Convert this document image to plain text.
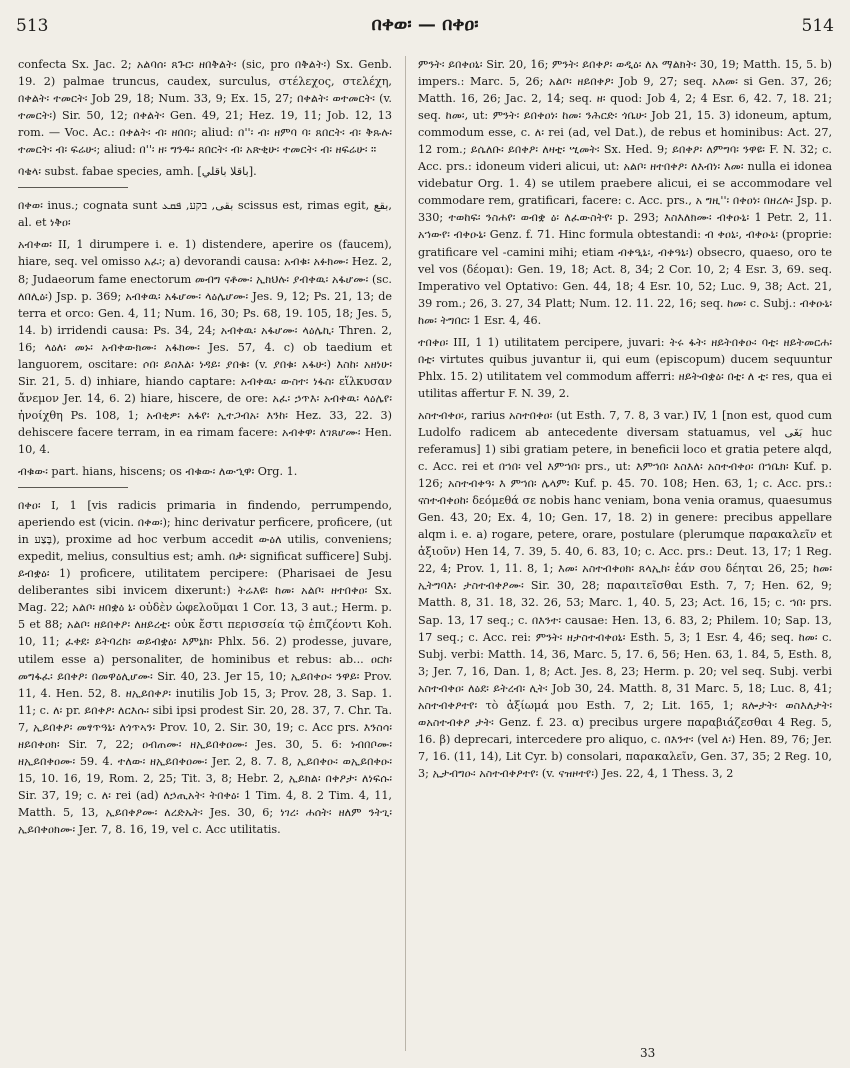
513	በቀወ፡ — በቀዐ፡	514

confecta Sx. Jac. 2; አልባሰ፡ ጸጉር፡ ዘበቅልት፡ (sic, pro በቅልት፡) Sx. Genb. 19. 2) palmae truncus, caudex, surculus, στέλεχος, στελέχη, በቀልት፡ ተመርት፡ Job 29, 18; Num. 33, 9; Ex. 15, 27; በቀልት፡ ወተመርት፡ (v. ተመርት፡) Sir. 50, 12; በቀልት፡ Gen. 49, 21; Hez. 19, 11; Job. 12, 13 rom. — Voc. Ac.: በቀልት፡ ብ፡ ዘበበ፡; aliud: በ''፡ ብ፡ ዘምባ ባ፡ ጸበርት፡ ብ፡ ቅጹሉ፡ ተመርት፡ ብ፡ ፍሬሁ፡; aliud: በ''፡ ዘ፡ ግንዱ፡ ጸበርት፡ ብ፡ አጽቂሁ፡ ተመርት፡ ብ፡ ዘፍሬሁ፡ ።

ባቄላ፡ subst. fabae species, amh. [باقلا باقلي].

በቀወ፡ inus.; cognata sunt بقى, בקע, ܦܩܥ scissus est, rimas egit, بقع, al. et ነቅዐ፡

አብቀወ፡ II, 1 dirumpere i. e. 1) distendere, aperire os (faucem), hiare, seq. vel omisso አፈ፡; a) devorandi causa: አብቁ፡ አፉክሙ፡ Hez. 2, 8; Judaeorum fame enectorum መብግ ናቶሙ፡ ኢክህሉ፡ ያብቀዉ፡ አፋሆሙ፡ (sc. ለበሊዕ፡) Jsp. p. 369; አብቀዉ፡ አፋሆሙ፡ ላዕሌሆሙ፡ Jes. 9, 12; Ps. 21, 13; de terra et orco: Gen. 4, 11; Num. 16, 30; Ps. 68, 19. 105, 18; Jes. 5, 14. b) irridendi causa: Ps. 34, 24; አብቀዉ፡ አፋሆሙ፡ ላዕሌኪ፡ Thren. 2, 16; ላዕለ፡ መኑ፡ አብቀውክሙ፡ አፋክሙ፡ Jes. 57, 4. c) ob taedium et languorem, oscitare: ሶበ፡ ይስእል፡ ነዳይ፡ ያበቁ፡ (v. ያበቁ፡ አፋሁ፡) እስከ፡ አዘነሁ፡ Sir. 21, 5. d) inhiare, hiando captare: አብቀዉ፡ ውስተ፡ ነፋስ፡ εἵλκυσαν ἄνεμον Jer. 14, 6. 2) hiare, hiscere, de ore: አፈ፡ ኃጥእ፡ አብቀዉ፡ ላዕሌየ፡ ἠνοίχθη Ps. 108, 1; አብቂዎ፡ አፋየ፡ ኢተጋብአ፡ እንከ፡ Hez. 33, 22. 3) dehiscere facere terram, in ea rimam facere: አብቀዋ፡ ለገጸሆሙ፡ Hen. 10, 4.

ብቁው፡ part. hians, hiscens; os ብቁው፡ ለውኂዋ፡ Org. 1.

በቀዐ፡ I, 1 [vis radicis primaria in findendo, perrumpendo, aperiendo est (vicin. በቀወ፡); hinc derivatur perficere, proficere, (ut in בָּצַע), proxime ad hoc verbum accedit ውዕለ utilis, conveniens; expedit, melius, consultius est; amh. በቃ፡ significat sufficere] Subj. ይብቋዕ፡ 1) proficere, utilitatem percipere: (Pharisaei de Jesu deliberantes sibi invicem dixerunt:) ትሬእዩ፡ ከመ፡ አልቦ፡ ዘተበቀዐ፡ Sx. Mag. 22; አልቦ፡ ዘበቋዕ ኒ፡ οὐδὲν ὠφελοῦμαι 1 Cor. 13, 3 aut.; Herm. p. 5 et 88; አልቦ፡ ዘይበቀዖ፡ ለዘይረቲ፡ οὐκ ἔστι περισσεία τῷ ἐπιζέοντι Koh. 10, 11; ፈቀደ፡ ይትባረከ፡ ወይብቋዕ፡ እምኔክ፡ Phlx. 56. 2) prodesse, juvare, utilem esse a) personaliter, de hominibus et rebus: ab... ዐርከ፡ መግፋፈ፡ ይበቀዖ፡ በመዋዕሊሆሙ፡ Sir. 40, 23. Jer 15, 10; ኢይበቀዑ፡ ንዋይ፡ Prov. 11, 4. Hen. 52, 8. ዘኢይበቀዖ፡ inutilis Job 15, 3; Prov. 28, 3. Sap. 1. 11; c. ለ፡ pr. ይበቀዖ፡ ለርእሱ፡ sibi ipsi prodest Sir. 20, 28. 37, 7. Chr. Ta. 7, ኢይበቀዖ፡ መፃጥዓኒ፡ ለጎጥኣን፡ Prov. 10, 2. Sir. 30, 19; c. Acc prs. እንስሳ፡ ዘይበቀዐክ፡ Sir. 7, 22; ዐብጠሙ፡ ዘኢይበቀዐሙ፡ Jes. 30, 5. 6: ነብበቦሙ፡ ዘኢይበቀዐሙ፡ 59. 4. ተለው፡ ዘኢይበቀዐሙ፡ Jer. 2, 8. 7. 8, ኢይበቀዑ፡ ወኢይበቀዑ፡ 15, 10. 16, 19, Rom. 2, 25; Tit. 3, 8; Hebr. 2, ኢይክል፡ በቀዖታ፡ ለነፍሱ፡ Sir. 37, 19; c. ለ፡ rei (ad) ለኃጢአት፡ ትበቀዕ፡ 1 Tim. 4, 8. 2 Tim. 4, 11, Matth. 5, 13, ኢይበቀዖሙ፡ ለረድኤት፡ Jes. 30, 6; ነገረ፡ ሐሰት፡ ዘለም ንትጊ፡ ኢይበቀዐክሙ፡ Jer. 7, 8. 16, 19, vel c. Acc utilitatis.

ምንት፡ ይበቀዐኒ፡ Sir. 20, 16; ምንት፡ ይበቀዖ፡ ወዲዕ፡ ለአ ማልክት፡ 30, 19; Matth. 15, 5. b) impers.: Marc. 5, 26; አልቦ፡ ዘይበቀዖ፡ Job 9, 27; seq. አእመ፡ si Gen. 37, 26; Matth. 16, 26; Jac. 2, 14; seq. ዘ፡ quod: Job 4, 2; 4 Esr. 6, 42. 7, 18. 21; seq. ከመ፡, ut: ምንት፡ ይበቀዐነ፡ ከመ፡ ንሕርድ፡ ጎቤሁ፡ Job 21, 15. 3) idoneum, aptum, commodum esse, c. ለ፡ rei (ad, vel Dat.), de rebus et hominibus: Act. 27, 12 rom.; ይሴለቡ፡ ይበቀዖ፡ ለዛቲ፡ ሢመት፡ Sx. Hed. 9; ይበቀዖ፡ ለምግባ፡ ንዋዩ፡ F. N. 32; c. Acc. prs.: idoneum videri alicui, ut: አልቦ፡ ዘተበቀዖ፡ ለእብነ፡ እመ፡ nulla ei idonea videbatur Org. 1. 4) se utilem praebere alicui, ei se accommodare vel commodare rem, gratificari, facere: c. Acc. prs., አ ግዚ''፡ በቀዐነ፡ በዘረሉ፡ Jsp. p. 330; ተወከፍ፡ ንስሐየ፡ ወብቋ ዕ፡ ለፈውስትየ፡ p. 293; እስእለክሙ፡ ብቀዑኒ፡ 1 Petr. 2, 11. አኀውየ፡ ብቀዑኒ፡ Genz. f. 71. Hinc formula obtestandi: ብ ቀዐኒ፡, ብቀዑኒ፡ (proprie: gratificare vel -camini mihi; etiam ብቀዒኒ፡, ብቀዓኒ፡) obsecro, quaeso, oro te vel vos (δέομαι): Gen. 19, 18; Act. 8, 34; 2 Cor. 10, 2; 4 Esr. 3, 69. seq. Imperativo vel Optativo: Gen. 44, 18; 4 Esr. 10, 52; Luc. 9, 38; Act. 21, 39 rom.; 26, 3. 27, 34 Platt; Num. 12. 11. 22, 16; seq. ከመ፡ c. Subj.: ብቀዑኒ፡ ከመ፡ ትግበር፡ 1 Esr. 4, 46.

ተበቀዐ፡ III, 1 1) utilitatem percipere, juvari: ትሩ ፋት፡ ዘይትበቀዑ፡ ባቲ፡ ዘይትመርሐ፡ በቲ፡ virtutes quibus juvantur ii, qui eum (episcopum) ducem sequuntur Phlx. 15. 2) utilitatem vel commodum afferri: ዘይትብቋዕ፡ በቲ፡ ለ ቲ፡ res, qua ei utilitas affertur F. N. 39, 2.

አስተብቀዐ፡, rarius አስተበቀዐ፡ (ut Esth. 7, 7. 8, 3 var.) IV, 1 [non est, quod cum Ludolfo radicem ab antecedente diversam statuamus, vel بَغَى huc referamus] 1) sibi gratiam petere, in beneficii loco et gratia petere alqd, c. Acc. rei et በኀበ፡ vel እምኀበ፡ prs., ut: እምኀበ፡ እስእለ፡ አስተብቀዐ፡ በኀቤክ፡ Kuf. p. 126; አስተብቀዓ፡ እ ምኀበ፡ ሌላም፡ Kuf. p. 45. 70. 108; Hen. 63, 1; c. Acc. prs.: ናስተብቀዐከ፡ δεόμεθά σε nobis hanc veniam, bona venia oramus, quaesumus Gen. 43, 20; Ex. 4, 10; Gen. 17, 18. 2) in genere: precibus appellare alqm i. e. a) rogare, petere, orare, postulare (plerumque παρακαλεῖν et ἀξιοῦν) Hen 14, 7. 39, 5. 40, 6. 83, 10; c. Acc. prs.: Deut. 13, 17; 1 Reg. 22, 4; Prov. 1, 11. 8, 1; እመ፡ አስተብቀዐክ፡ ጸላኢከ፡ ἐάν σου δέηται 26, 25; ከመ፡ ኢትግባእ፡ ታስተብቀዖሙ፡ Sir. 30, 28; παραιτεῖσθαι Esth. 7, 7; Hen. 62, 9; Matth. 8, 31. 18, 32. 26, 53; Marc. 1, 40. 5, 23; Act. 16, 15; c. ኀበ፡ prs. Sap. 13, 17 seq.; c. በእንተ፡ causae: Hen. 13, 6. 83, 2; Philem. 10; Sap. 13, 17 seq.; c. Acc. rei: ምንት፡ ዘታስተብቀዐኒ፡ Esth. 5, 3; 1 Esr. 4, 46; seq. ከመ፡ c. Subj. verbi: Matth. 14, 36, Marc. 5, 17. 6, 56; Hen. 63, 1. 84, 5, Esth. 8, 3; Jer. 7, 16, Dan. 1, 8; Act. Jes. 8, 23; Herm. p. 20; vel seq. Subj. verbi አስተብቀዐ፡ ለዕደ፡ ይትረብ፡ ሊት፡ Job 30, 24. Matth. 8, 31 Marc. 5, 18; Luc. 8, 41; አስተብቀዖተየ፡ τὸ ἀξίωμά μου Esth. 7, 2; Lit. 165, 1; ጸሎታት፡ ወስእለታት፡ ወአስተብቀዖ ታት፡ Genz. f. 23. α) precibus urgere παραβιάζεσθαι 4 Reg. 5, 16. β) deprecari, intercedere pro aliquo, c. በእንተ፡ (vel ለ፡) Hen. 89, 76; Jer. 7, 16. (11, 14), Lit Cyr. b) consolari, παρακαλεῖν, Gen. 37, 35; 2 Reg. 10, 3; ኢታብግዑ፡ አስተብቀዖተየ፡ (v. ናዝዞተየ፡) Jes. 22, 4, 1 Thess. 3, 2

33
